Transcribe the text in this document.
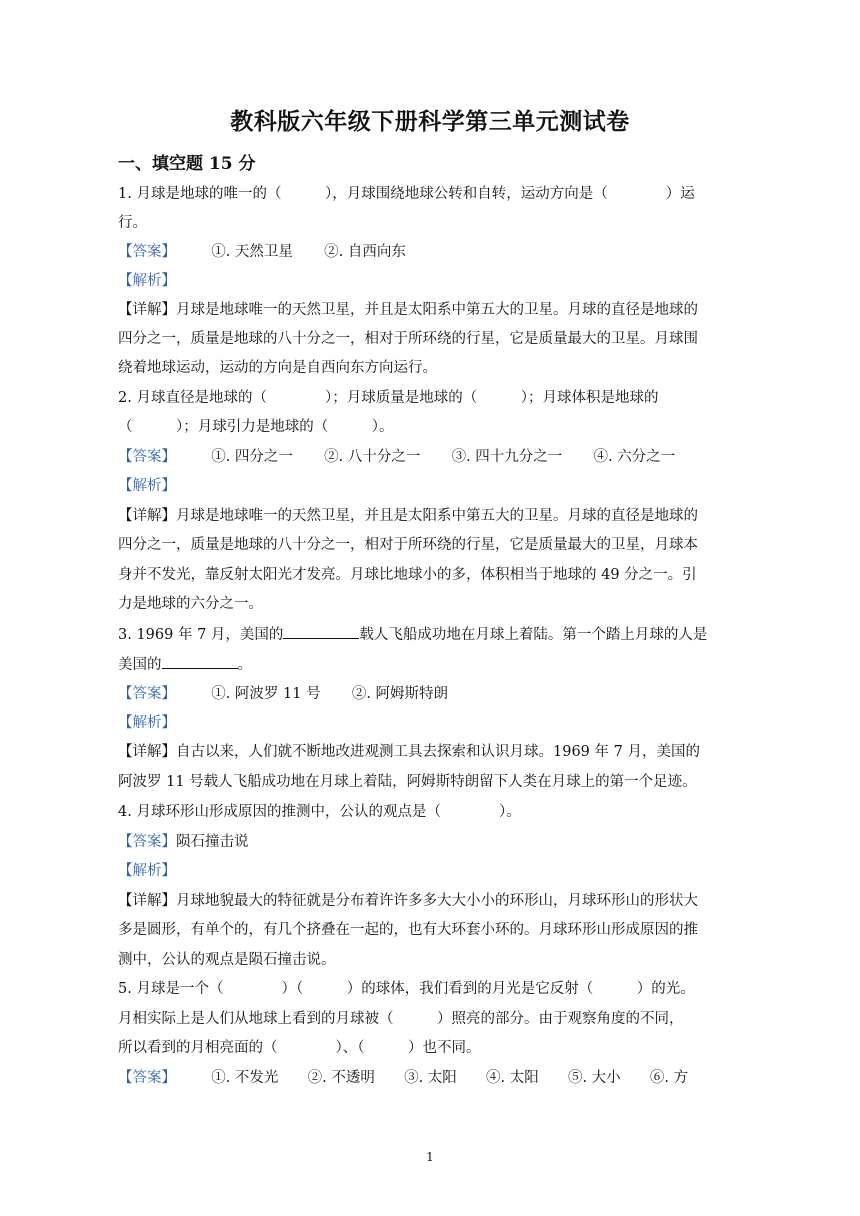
教科版六年级下册科学第三单元测试卷
一、填空题 15 分
1. 月球是地球的唯一的（　　　），月球围绕地球公转和自转，运动方向是（　　　　）运
行。
【答案】 ①. 天然卫星 ②. 自西向东
【解析】
【详解】月球是地球唯一的天然卫星，并且是太阳系中第五大的卫星。月球的直径是地球的
四分之一，质量是地球的八十分之一，相对于所环绕的行星，它是质量最大的卫星。月球围
绕着地球运动，运动的方向是自西向东方向运行。
2. 月球直径是地球的（　　　　）；月球质量是地球的（　　　）；月球体积是地球的
（　　　）；月球引力是地球的（　　　）。
【答案】 ①. 四分之一 ②. 八十分之一 ③. 四十九分之一 ④. 六分之一
【解析】
【详解】月球是地球唯一的天然卫星，并且是太阳系中第五大的卫星。月球的直径是地球的
四分之一，质量是地球的八十分之一，相对于所环绕的行星，它是质量最大的卫星，月球本
身并不发光，靠反射太阳光才发亮。月球比地球小的多，体积相当于地球的 49 分之一。引
力是地球的六分之一。
3. 1969 年 7 月，美国的	载人飞船成功地在月球上着陆。第一个踏上月球的人是
美国的	。
【答案】 ①. 阿波罗 11 号 ②. 阿姆斯特朗
【解析】
【详解】自古以来，人们就不断地改进观测工具去探索和认识月球。1969 年 7 月，美国的
阿波罗 11 号载人飞船成功地在月球上着陆，阿姆斯特朗留下人类在月球上的第一个足迹。
4. 月球环形山形成原因的推测中，公认的观点是（　　　　）。
【答案】陨石撞击说
【解析】
【详解】月球地貌最大的特征就是分布着许许多多大大小小的环形山，月球环形山的形状大
多是圆形，有单个的，有几个挤叠在一起的，也有大环套小环的。月球环形山形成原因的推
测中，公认的观点是陨石撞击说。
5. 月球是一个（　　　　）（　　　）的球体，我们看到的月光是它反射（　　　）的光。
月相实际上是人们从地球上看到的月球被（　　　）照亮的部分。由于观察角度的不同，
所以看到的月相亮面的（　　　　）、（　　　）也不同。
【答案】 ①. 不发光 ②. 不透明 ③. 太阳 ④. 太阳 ⑤. 大小 ⑥. 方
1
